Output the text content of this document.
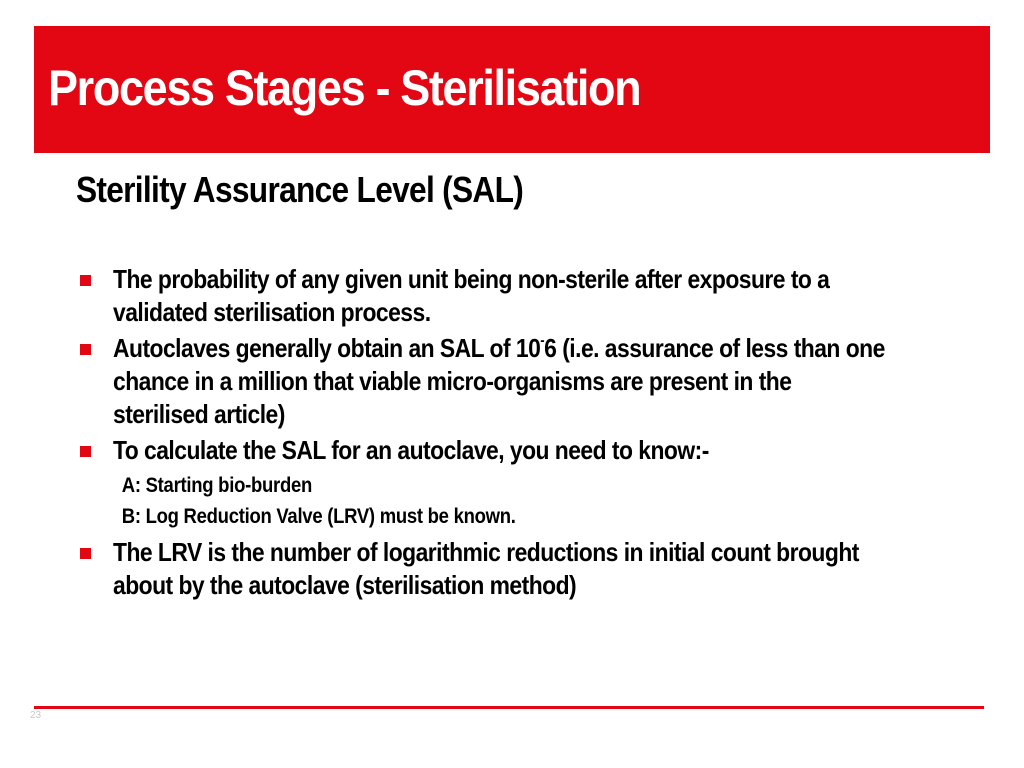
Process Stages - Sterilisation
Sterility Assurance Level (SAL)
The probability of any given unit being non-sterile after exposure to a validated sterilisation process.
Autoclaves generally obtain an SAL of 10-6 (i.e. assurance of less than one chance in a million that viable micro-organisms are present in the sterilised article)
To calculate the SAL for an autoclave, you need to know:-
A: Starting bio-burden
B: Log Reduction Valve (LRV) must be known.
The LRV is the number of logarithmic reductions in initial count brought about by the autoclave (sterilisation method)
23
